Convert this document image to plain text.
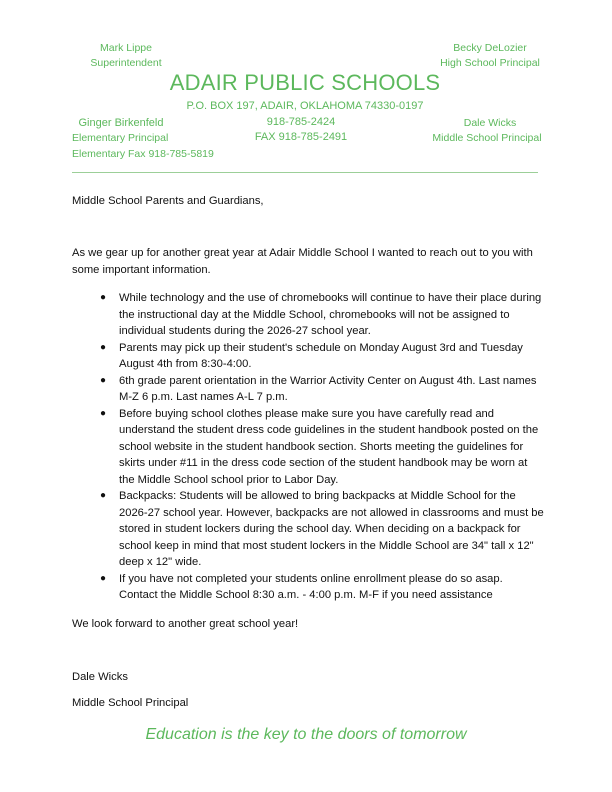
Mark Lippe
Superintendent
Becky DeLozier
High School Principal
ADAIR PUBLIC SCHOOLS
P.O. BOX 197, ADAIR, OKLAHOMA 74330-0197
Ginger Birkenfeld	918-785-2424	Dale Wicks
Elementary Principal	FAX 918-785-2491	Middle School Principal
Elementary Fax 918-785-5819
Middle School Parents and Guardians,
As we gear up for another great year at Adair Middle School I wanted to reach out to you with some important information.
● While technology and the use of chromebooks will continue to have their place during the instructional day at the Middle School, chromebooks will not be assigned to individual students during the 2026-27 school year.
● Parents may pick up their student's schedule on Monday August 3rd and Tuesday August 4th from 8:30-4:00.
● 6th grade parent orientation in the Warrior Activity Center on August 4th. Last names M-Z 6 p.m. Last names A-L 7 p.m.
● Before buying school clothes please make sure you have carefully read and understand the student dress code guidelines in the student handbook posted on the school website in the student handbook section. Shorts meeting the guidelines for skirts under #11 in the dress code section of the student handbook may be worn at the Middle School school prior to Labor Day.
● Backpacks: Students will be allowed to bring backpacks at Middle School for the 2026-27 school year. However, backpacks are not allowed in classrooms and must be stored in student lockers during the school day. When deciding on a backpack for school keep in mind that most student lockers in the Middle School are 34" tall x 12" deep x 12" wide.
● If you have not completed your students online enrollment please do so asap. Contact the Middle School 8:30 a.m. - 4:00 p.m. M-F if you need assistance
We look forward to another great school year!
Dale Wicks
Middle School Principal
Education is the key to the doors of tomorrow
